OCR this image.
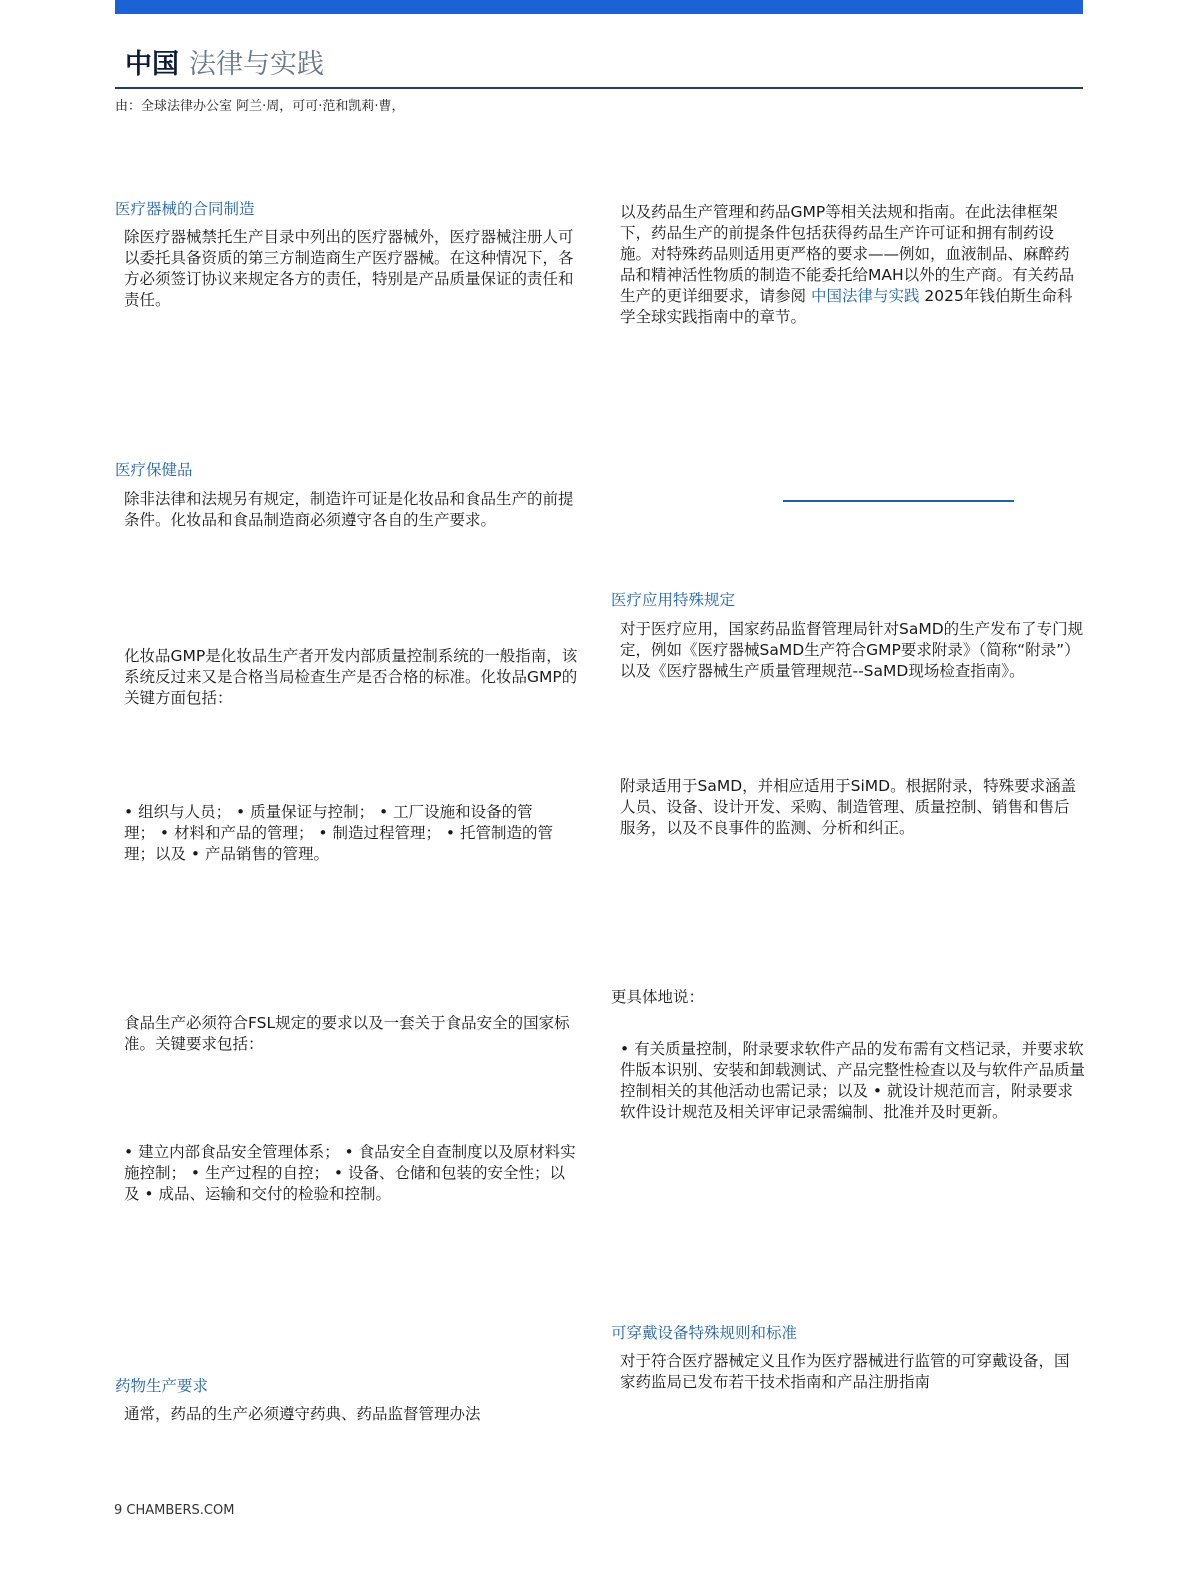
中国 法律与实践
由：全球法律办公室 阿兰·周，可可·范和凯莉·曹，
医疗器械的合同制造
除医疗器械禁托生产目录中列出的医疗器械外，医疗器械注册人可以委托具备资质的第三方制造商生产医疗器械。在这种情况下，各方必须签订协议来规定各方的责任，特别是产品质量保证的责任和责任。
医疗保健品
除非法律和法规另有规定，制造许可证是化妆品和食品生产的前提条件。化妆品和食品制造商必须遵守各自的生产要求。
化妆品GMP是化妆品生产者开发内部质量控制系统的一般指南，该系统反过来又是合格当局检查生产是否合格的标准。化妆品GMP的关键方面包括：
• 组织与人员； • 质量保证与控制； • 工厂设施和设备的管理； • 材料和产品的管理； • 制造过程管理； • 托管制造的管理；以及 • 产品销售的管理。
食品生产必须符合FSL规定的要求以及一套关于食品安全的国家标准。关键要求包括：
• 建立内部食品安全管理体系； • 食品安全自查制度以及原材料实施控制； • 生产过程的自控； • 设备、仓储和包装的安全性；以及 • 成品、运输和交付的检验和控制。
药物生产要求
通常，药品的生产必须遵守药典、药品监督管理办法
以及药品生产管理和药品GMP等相关法规和指南。在此法律框架下，药品生产的前提条件包括获得药品生产许可证和拥有制药设施。对特殊药品则适用更严格的要求——例如，血液制品、麻醉药品和精神活性物质的制造不能委托给MAH以外的生产商。有关药品生产的更详细要求，请参阅 中国法律与实践 2025年钱伯斯生命科学全球实践指南中的章节。
医疗应用特殊规定
对于医疗应用，国家药品监督管理局针对SaMD的生产发布了专门规定，例如《医疗器械SaMD生产符合GMP要求附录》（简称“附录”）以及《医疗器械生产质量管理规范--SaMD现场检查指南》。
附录适用于SaMD，并相应适用于SiMD。根据附录，特殊要求涵盖人员、设备、设计开发、采购、制造管理、质量控制、销售和售后服务，以及不良事件的监测、分析和纠正。
更具体地说：
• 有关质量控制，附录要求软件产品的发布需有文档记录，并要求软件版本识别、安装和卸载测试、产品完整性检查以及与软件产品质量控制相关的其他活动也需记录；以及 • 就设计规范而言，附录要求软件设计规范及相关评审记录需编制、批准并及时更新。
可穿戴设备特殊规则和标准
对于符合医疗器械定义且作为医疗器械进行监管的可穿戴设备，国家药监局已发布若干技术指南和产品注册指南
9 CHAMBERS.COM
